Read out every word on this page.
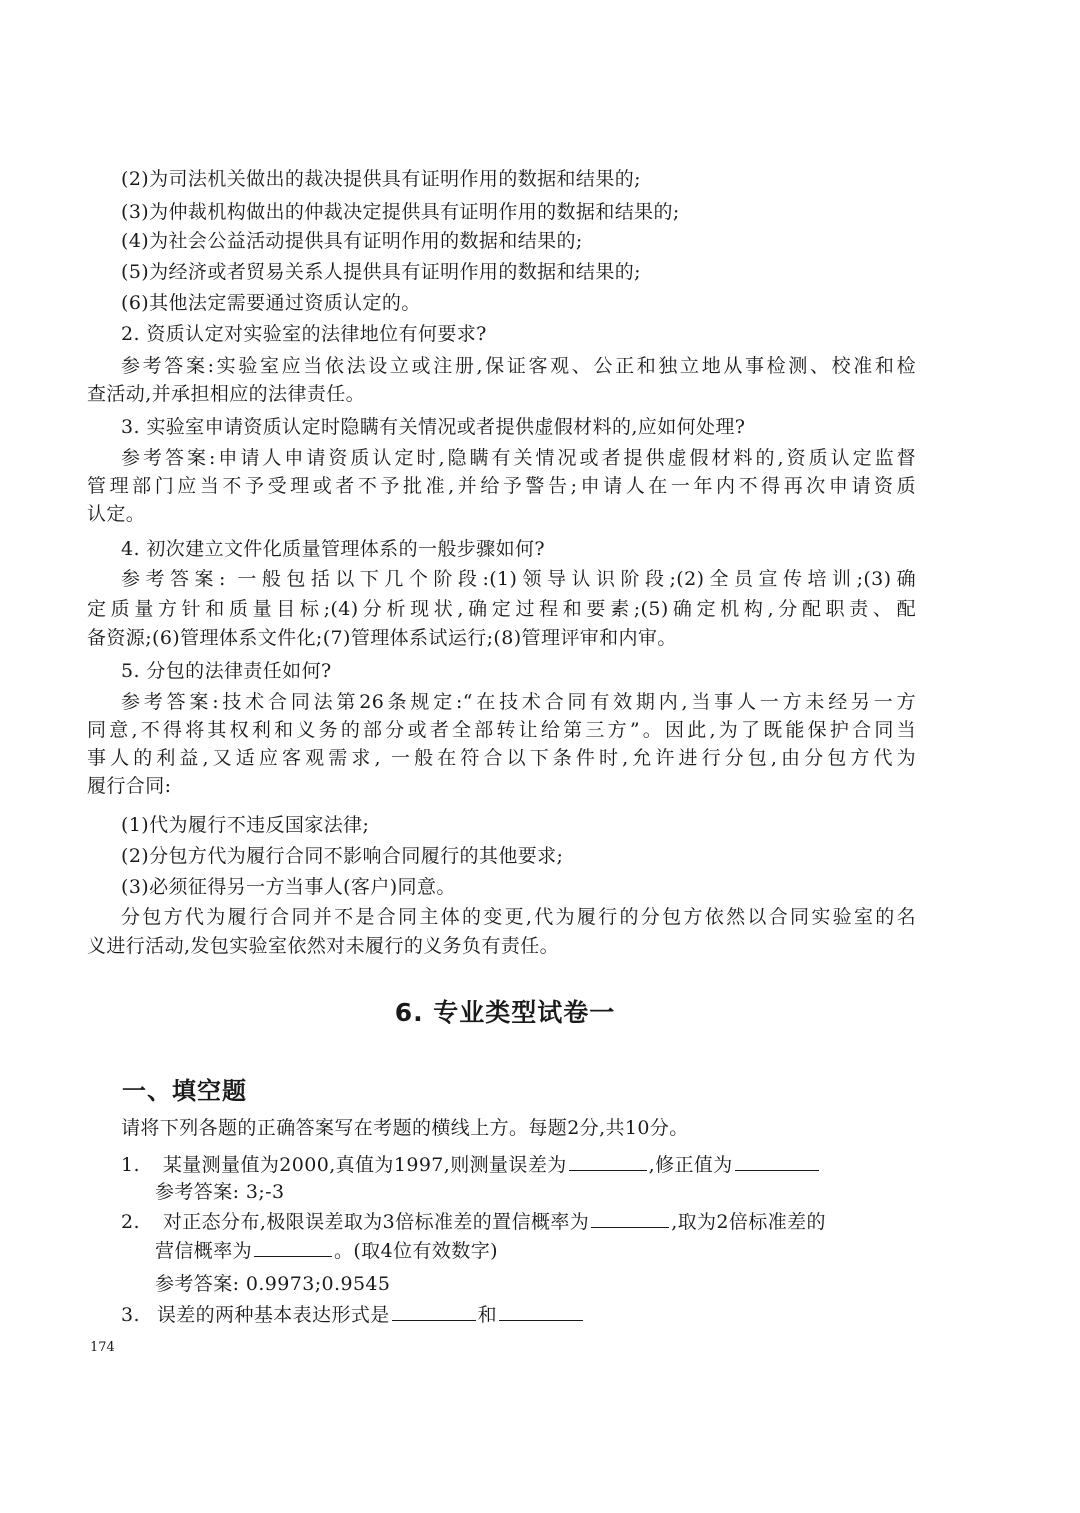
(2)为司法机关做出的裁决提供具有证明作用的数据和结果的;
(3)为仲裁机构做出的仲裁决定提供具有证明作用的数据和结果的;
(4)为社会公益活动提供具有证明作用的数据和结果的;
(5)为经济或者贸易关系人提供具有证明作用的数据和结果的;
(6)其他法定需要通过资质认定的。
2. 资质认定对实验室的法律地位有何要求?
参考答案:实验室应当依法设立或注册,保证客观、公正和独立地从事检测、校准和检
查活动,并承担相应的法律责任。
3. 实验室申请资质认定时隐瞒有关情况或者提供虚假材料的,应如何处理?
参考答案:申请人申请资质认定时,隐瞒有关情况或者提供虚假材料的,资质认定监督
管理部门应当不予受理或者不予批准,并给予警告;申请人在一年内不得再次申请资质
认定。
4. 初次建立文件化质量管理体系的一般步骤如何?
参考答案: 一般包括以下几个阶段:(1)领导认识阶段;(2)全员宣传培训;(3)确
定质量方针和质量目标;(4)分析现状,确定过程和要素;(5)确定机构,分配职责、配
备资源;(6)管理体系文件化;(7)管理体系试运行;(8)管理评审和内审。
5. 分包的法律责任如何?
参考答案:技术合同法第26条规定:“在技术合同有效期内,当事人一方未经另一方
同意,不得将其权利和义务的部分或者全部转让给第三方”。因此,为了既能保护合同当
事人的利益,又适应客观需求, 一般在符合以下条件时,允许进行分包,由分包方代为
履行合同:
(1)代为履行不违反国家法律;
(2)分包方代为履行合同不影响合同履行的其他要求;
(3)必须征得另一方当事人(客户)同意。
分包方代为履行合同并不是合同主体的变更,代为履行的分包方依然以合同实验室的名
义进行活动,发包实验室依然对未履行的义务负有责任。
6. 专业类型试卷一
一、填空题
请将下列各题的正确答案写在考题的横线上方。每题2分,共10分。
1. 某量测量值为2000,真值为1997,则测量误差为	,修正值为
参考答案: 3;-3
2. 对正态分布,极限误差取为3倍标准差的置信概率为	,取为2倍标准差的
营信概率为	。(取4位有效数字)
参考答案: 0.9973;0.9545
3. 误差的两种基本表达形式是	和
174
